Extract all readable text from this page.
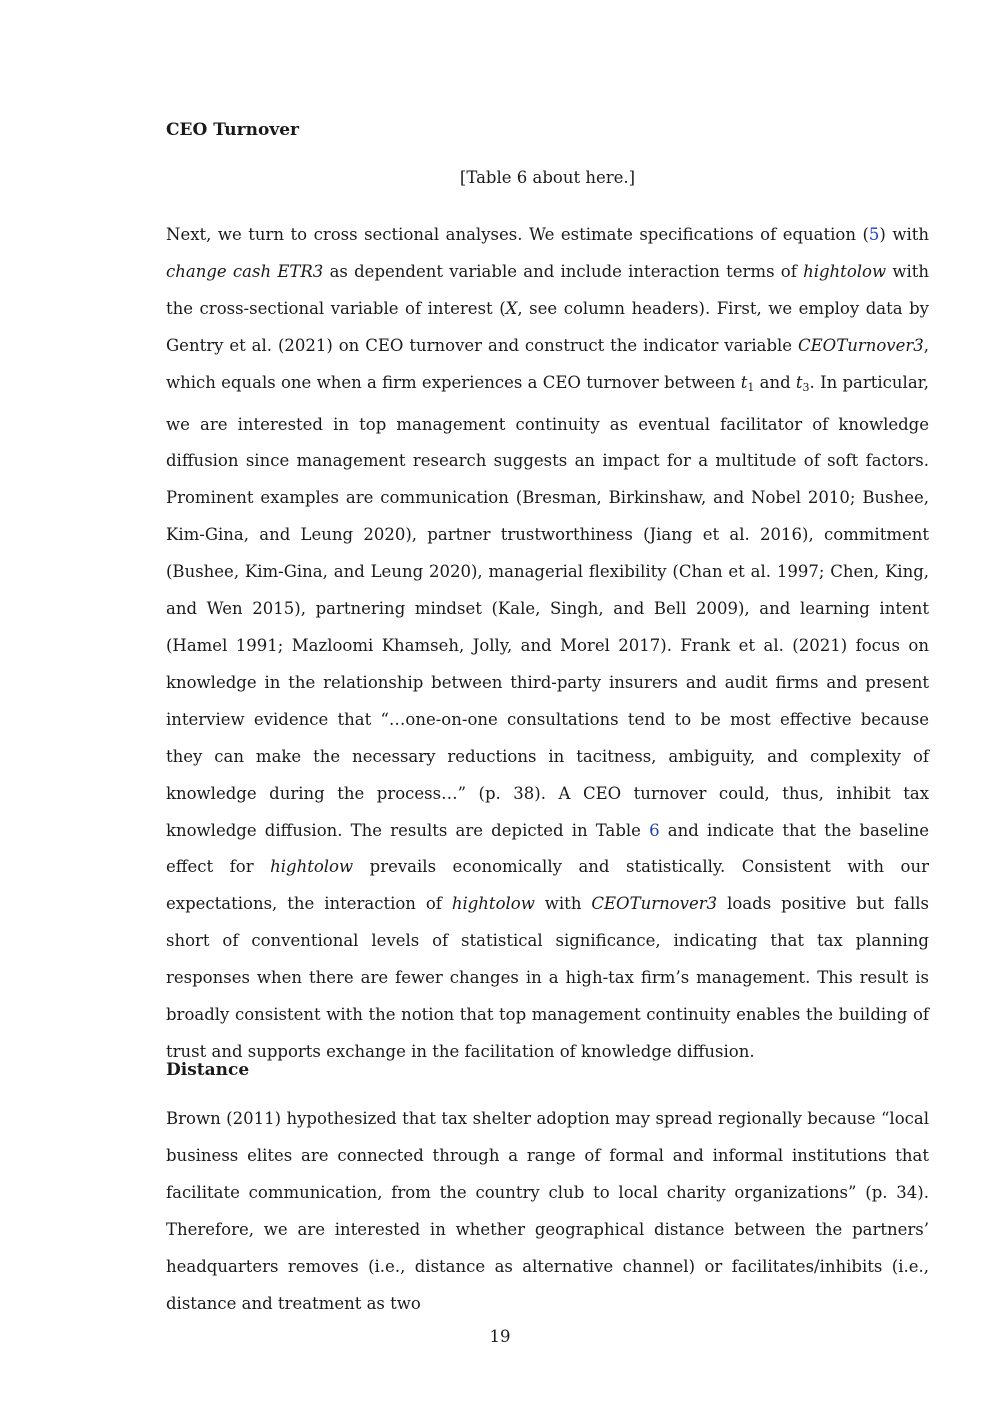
CEO Turnover
[Table 6 about here.]

Next, we turn to cross sectional analyses. We estimate specifications of equation (5) with change cash ETR3 as dependent variable and include interaction terms of hightolow with the cross-sectional variable of interest (X, see column headers). First, we employ data by Gentry et al. (2021) on CEO turnover and construct the indicator variable CEOTurnover3, which equals one when a firm experiences a CEO turnover between $t_1$ and $t_3$. In particular, we are interested in top management continuity as eventual facilitator of knowledge diffusion since management research suggests an impact for a multitude of soft factors. Prominent examples are communication (Bresman, Birkinshaw, and Nobel 2010; Bushee, Kim-Gina, and Leung 2020), partner trustworthiness (Jiang et al. 2016), commitment (Bushee, Kim-Gina, and Leung 2020), managerial flexibility (Chan et al. 1997; Chen, King, and Wen 2015), partnering mindset (Kale, Singh, and Bell 2009), and learning intent (Hamel 1991; Mazloomi Khamseh, Jolly, and Morel 2017). Frank et al. (2021) focus on knowledge in the relationship between third-party insurers and audit firms and present interview evidence that “…one-on-one consultations tend to be most effective because they can make the necessary reductions in tacitness, ambiguity, and complexity of knowledge during the process…” (p. 38). A CEO turnover could, thus, inhibit tax knowledge diffusion. The results are depicted in Table 6 and indicate that the baseline effect for hightolow prevails economically and statistically. Consistent with our expectations, the interaction of hightolow with CEOTurnover3 loads positive but falls short of conventional levels of statistical significance, indicating that tax planning responses when there are fewer changes in a high-tax firm’s management. This result is broadly consistent with the notion that top management continuity enables the building of trust and supports exchange in the facilitation of knowledge diffusion.

Distance

Brown (2011) hypothesized that tax shelter adoption may spread regionally because “local business elites are connected through a range of formal and informal institutions that facilitate communication, from the country club to local charity organizations” (p. 34). Therefore, we are interested in whether geographical distance between the partners’ headquarters removes (i.e., distance as alternative channel) or facilitates/inhibits (i.e., distance and treatment as two

19
